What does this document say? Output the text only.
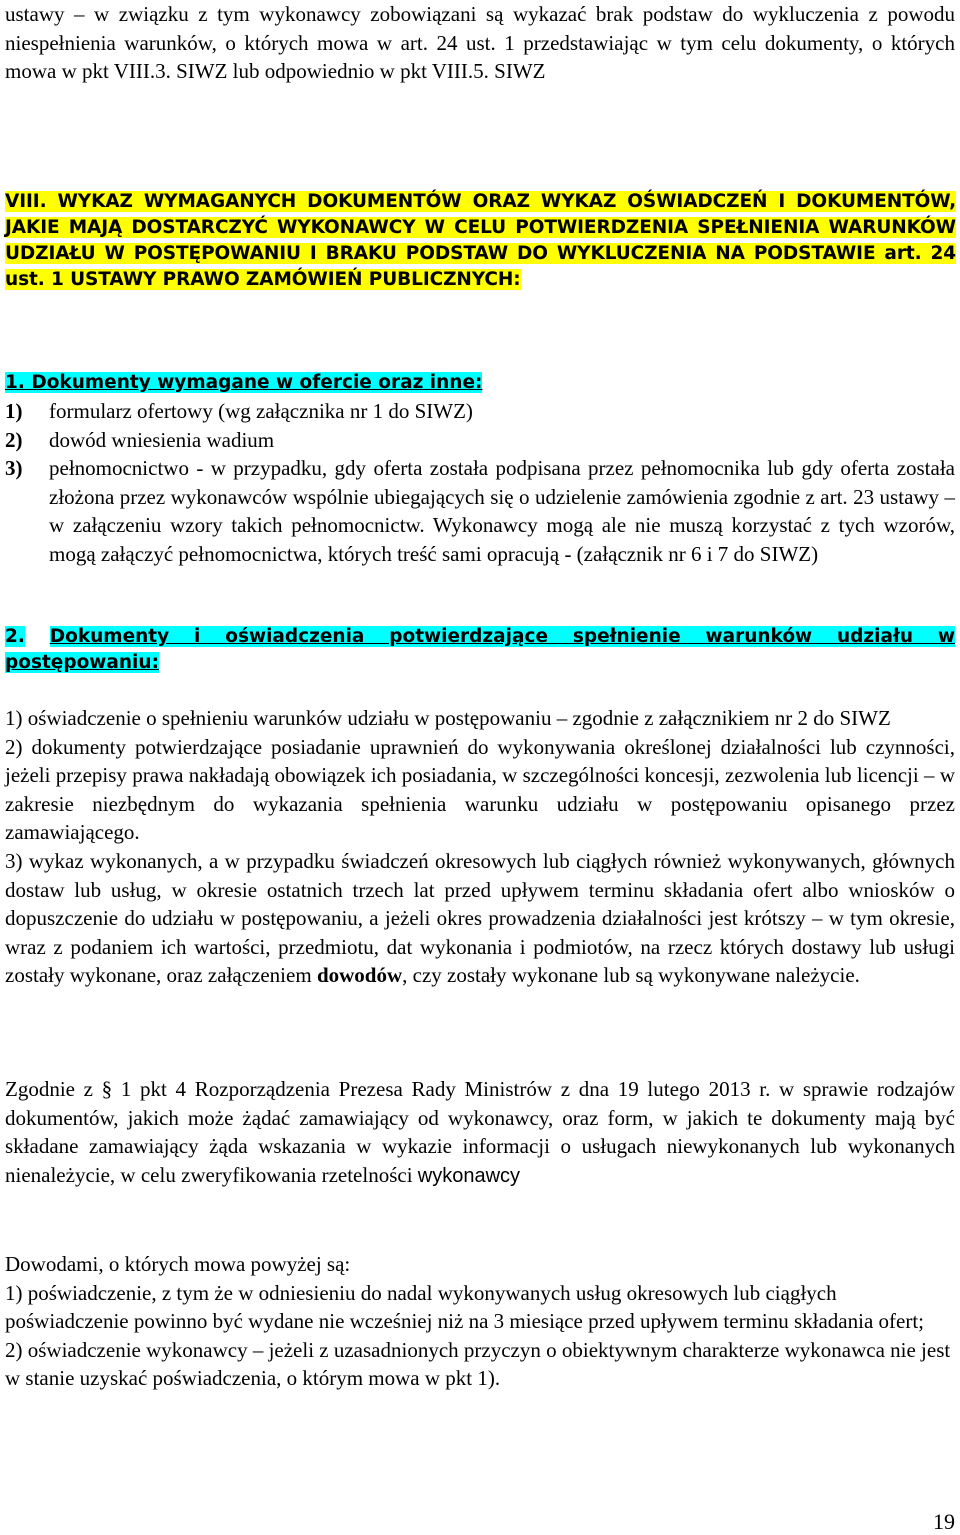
ustawy – w związku z tym wykonawcy zobowiązani są wykazać brak podstaw do wykluczenia z powodu niespełnienia warunków, o których mowa w art. 24 ust. 1 przedstawiając w tym celu dokumenty, o których mowa w pkt VIII.3. SIWZ lub odpowiednio w pkt VIII.5. SIWZ

VIII. WYKAZ WYMAGANYCH DOKUMENTÓW ORAZ WYKAZ OŚWIADCZEŃ I DOKUMENTÓW, JAKIE MAJĄ DOSTARCZYĆ WYKONAWCY W CELU POTWIERDZENIA SPEŁNIENIA WARUNKÓW UDZIAŁU W POSTĘPOWANIU I BRAKU PODSTAW DO WYKLUCZENIA NA PODSTAWIE art. 24 ust. 1 USTAWY PRAWO ZAMÓWIEŃ PUBLICZNYCH:

1. Dokumenty wymagane w ofercie oraz inne:

1)	formularz ofertowy (wg załącznika nr 1 do SIWZ)
2)	dowód wniesienia wadium
3)	pełnomocnictwo - w przypadku, gdy oferta została podpisana przez pełnomocnika lub gdy oferta została złożona przez wykonawców wspólnie ubiegających się o udzielenie zamówienia zgodnie z art. 23 ustawy – w załączeniu wzory takich pełnomocnictw. Wykonawcy mogą ale nie muszą korzystać z tych wzorów, mogą załączyć pełnomocnictwa, których treść sami opracują - (załącznik nr 6 i 7 do SIWZ)

2. Dokumenty i oświadczenia potwierdzające spełnienie warunków udziału w postępowaniu:

1) oświadczenie o spełnieniu warunków udziału w postępowaniu – zgodnie z załącznikiem nr 2 do SIWZ

2) dokumenty potwierdzające posiadanie uprawnień do wykonywania określonej działalności lub czynności, jeżeli przepisy prawa nakładają obowiązek ich posiadania, w szczególności koncesji, zezwolenia lub licencji – w zakresie niezbędnym do wykazania spełnienia warunku udziału w postępowaniu opisanego przez zamawiającego.

3) wykaz wykonanych, a w przypadku świadczeń okresowych lub ciągłych również wykonywanych, głównych dostaw lub usług, w okresie ostatnich trzech lat przed upływem terminu składania ofert albo wniosków o dopuszczenie do udziału w postępowaniu, a jeżeli okres prowadzenia działalności jest krótszy – w tym okresie, wraz z podaniem ich wartości, przedmiotu, dat wykonania i podmiotów, na rzecz których dostawy lub usługi zostały wykonane, oraz załączeniem dowodów, czy zostały wykonane lub są wykonywane należycie.

Zgodnie z § 1 pkt 4 Rozporządzenia Prezesa Rady Ministrów z dna 19 lutego 2013 r. w sprawie rodzajów dokumentów, jakich może żądać zamawiający od wykonawcy, oraz form, w jakich te dokumenty mają być składane zamawiający żąda wskazania w wykazie informacji o usługach niewykonanych lub wykonanych nienależycie, w celu zweryfikowania rzetelności wykonawcy

Dowodami, o których mowa powyżej są:

1) poświadczenie, z tym że w odniesieniu do nadal wykonywanych usług okresowych lub ciągłych poświadczenie powinno być wydane nie wcześniej niż na 3 miesiące przed upływem terminu składania ofert;

2) oświadczenie wykonawcy – jeżeli z uzasadnionych przyczyn o obiektywnym charakterze wykonawca nie jest w stanie uzyskać poświadczenia, o którym mowa w pkt 1).

19
